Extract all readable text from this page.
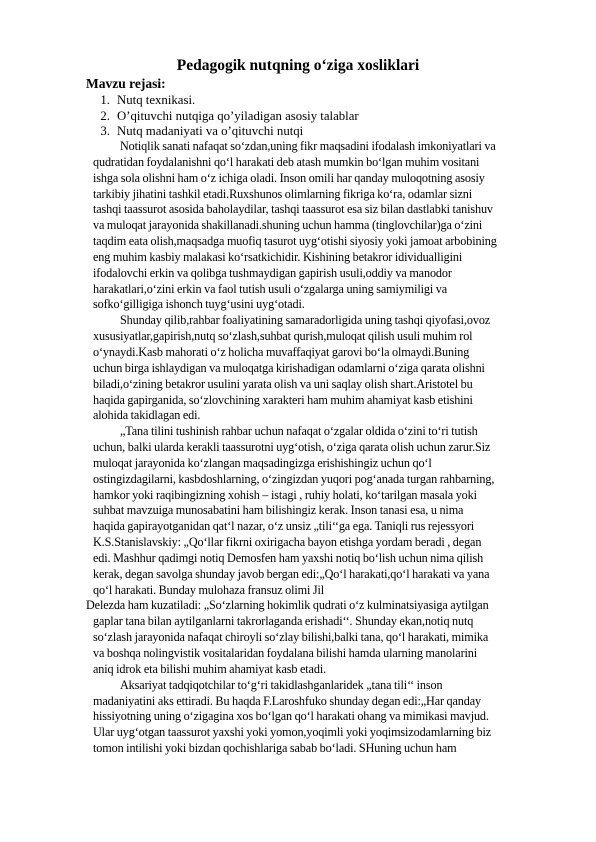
Pedagogik nutqning o‘ziga xosliklari
Mavzu rejasi:
1. Nutq texnikasi.
2. O’qituvchi nutqiga qo’yiladigan asosiy talablar
3. Nutq madaniyati va o’qituvchi nutqi
Notiqlik sanati nafaqat so‘zdan,uning fikr maqsadini ifodalash imkoniyatlari va
qudratidan foydalanishni qo‘l harakati deb atash mumkin bo‘lgan muhim vositani
ishga sola olishni ham o‘z ichiga oladi. Inson omili har qanday muloqotning asosiy
tarkibiy jihatini tashkil etadi.Ruxshunos olimlarning fikriga ko‘ra, odamlar sizni
tashqi taassurot asosida baholaydilar, tashqi taassurot esa siz bilan dastlabki tanishuv
va muloqat jarayonida shakillanadi.shuning uchun hamma (tinglovchilar)ga o‘zini
taqdim eata olish,maqsadga muofiq tasurot uyg‘otishi siyosiy yoki jamoat arbobining
eng muhim kasbiy malakasi ko‘rsatkichidir. Kishining betakror idividualligini
ifodalovchi erkin va qolibga tushmaydigan gapirish usuli,oddiy va manodor
harakatlari,o‘zini erkin va faol tutish usuli o‘zgalarga uning samiymiligi va
sofko‘gilligiga ishonch tuyg‘usini uyg‘otadi.
Shunday qilib,rahbar foaliyatining samaradorligida uning tashqi qiyofasi,ovoz
xususiyatlar,gapirish,nutq so‘zlash,suhbat qurish,muloqat qilish usuli muhim rol
o‘ynaydi.Kasb mahorati o‘z holicha muvaffaqiyat garovi bo‘la olmaydi.Buning
uchun birga ishlaydigan va muloqatga kirishadigan odamlarni o‘ziga qarata olishni
biladi,o‘zining betakror usulini yarata olish va uni saqlay olish shart.Aristotel bu
haqida gapirganida, so‘zlovchining xarakteri ham muhim ahamiyat kasb etishini
alohida takidlagan edi.
„Tana tilini tushinish rahbar uchun nafaqat o‘zgalar oldida o‘zini to‘ri tutish
uchun, balki ularda kerakli taassurotni uyg‘otish, o‘ziga qarata olish uchun zarur.Siz
muloqat jarayonida ko‘zlangan maqsadingizga erishishingiz uchun qo‘l
ostingizdagilarni, kasbdoshlarning, o‘zingizdan yuqori pog‘anada turgan rahbarning,
hamkor yoki raqibingizning xohish – istagi , ruhiy holati, ko‘tarilgan masala yoki
suhbat mavzuiga munosabatini ham bilishingiz kerak. Inson tanasi esa, u nima
haqida gapirayotganidan qat‘l nazar, o‘z unsiz „tili‘‘ga ega. Taniqli rus rejessyori
K.S.Stanislavskiy: „Qo‘llar fikrni oxirigacha bayon etishga yordam beradi , degan
edi. Mashhur qadimgi notiq Demosfen ham yaxshi notiq bo‘lish uchun nima qilish
kerak, degan savolga shunday javob bergan edi:„Qo‘l harakati,qo‘l harakati va yana
qo‘l harakati. Bunday mulohaza fransuz olimi Jil
Delezda ham kuzatiladi: „So‘zlarning hokimlik qudrati o‘z kulminatsiyasiga aytilgan
gaplar tana bilan aytilganlarni takrorlaganda erishadi‘‘. Shunday ekan,notiq nutq
so‘zlash jarayonida nafaqat chiroyli so‘zlay bilishi,balki tana, qo‘l harakati, mimika
va boshqa nolingvistik vositalaridan foydalana bilishi hamda ularning manolarini
aniq idrok eta bilishi muhim ahamiyat kasb etadi.
Aksariyat tadqiqotchilar to‘g‘ri takidlashganlaridek „tana tili‘‘ inson
madaniyatini aks ettiradi. Bu haqda F.Laroshfuko shunday degan edi:„Har qanday
hissiyotning uning o‘zigagina xos bo‘lgan qo‘l harakati ohang va mimikasi mavjud.
Ular uyg‘otgan taassurot yaxshi yoki yomon,yoqimli yoki yoqimsizodamlarning biz
tomon intilishi yoki bizdan qochishlariga sabab bo‘ladi. SHuning uchun ham
